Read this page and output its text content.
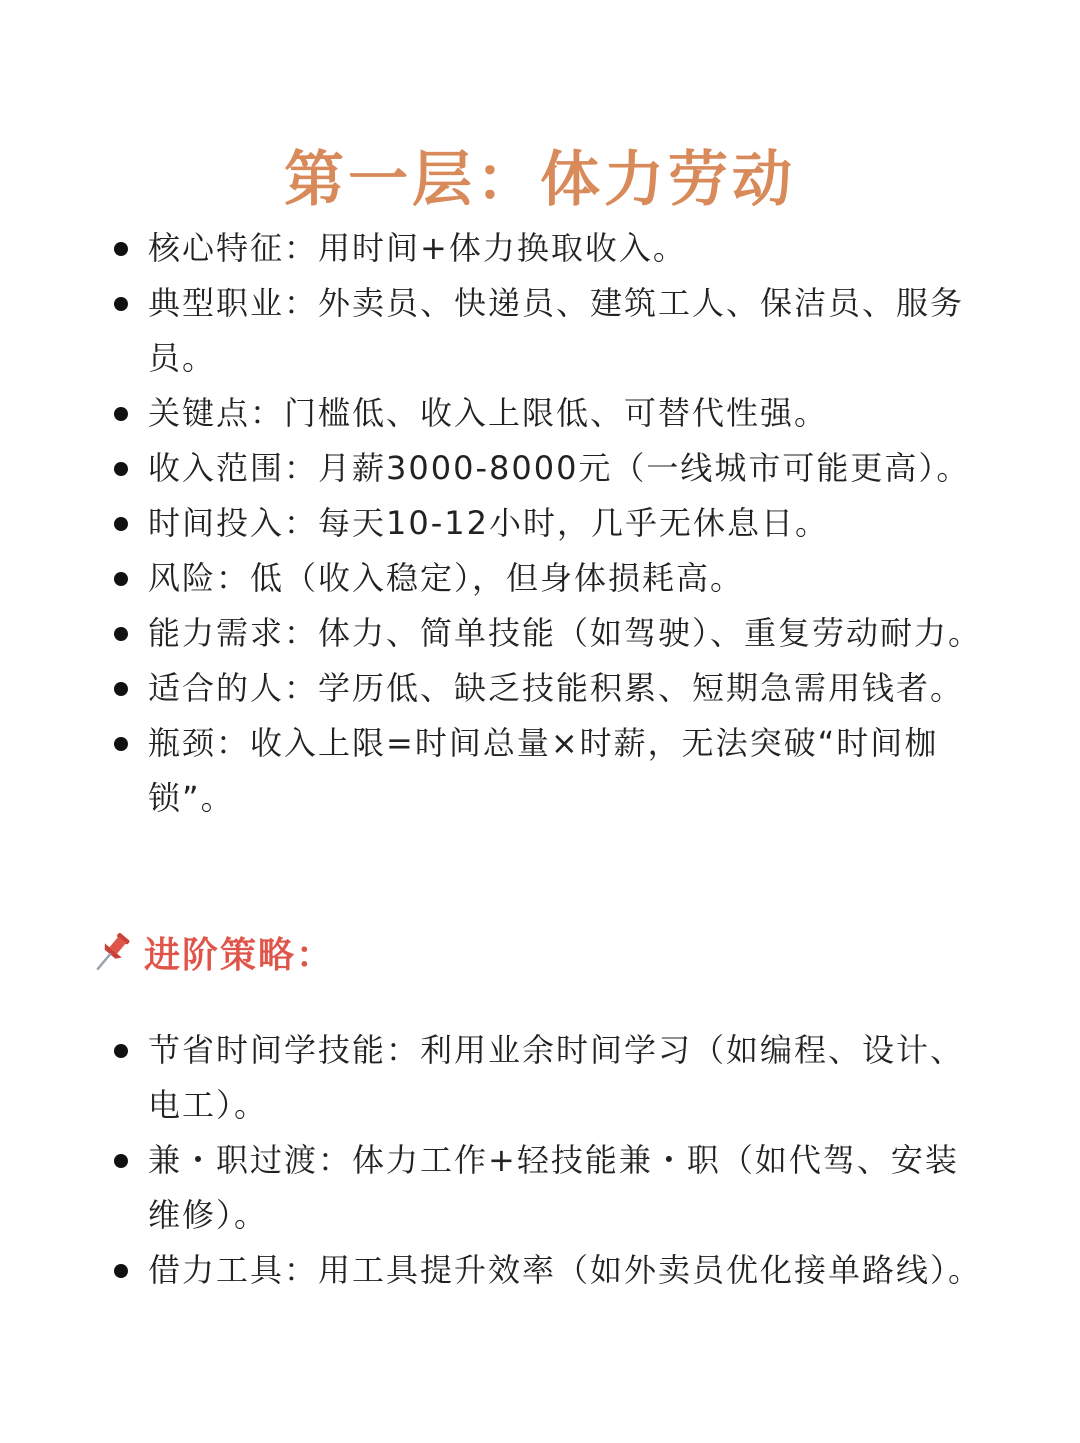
第一层：体力劳动
核心特征：用时间+体力换取收入。
典型职业：外卖员、快递员、建筑工人、保洁员、服务员。
关键点：门槛低、收入上限低、可替代性强。
收入范围：月薪3000-8000元（一线城市可能更高）。
时间投入：每天10-12小时，几乎无休息日。
风险：低（收入稳定），但身体损耗高。
能力需求：体力、简单技能（如驾驶）、重复劳动耐力。
适合的人：学历低、缺乏技能积累、短期急需用钱者。
瓶颈：收入上限=时间总量×时薪，无法突破“时间枷锁”。
进阶策略：
节省时间学技能：利用业余时间学习（如编程、设计、电工）。
兼・职过渡：体力工作+轻技能兼・职（如代驾、安装维修）。
借力工具：用工具提升效率（如外卖员优化接单路线）。
